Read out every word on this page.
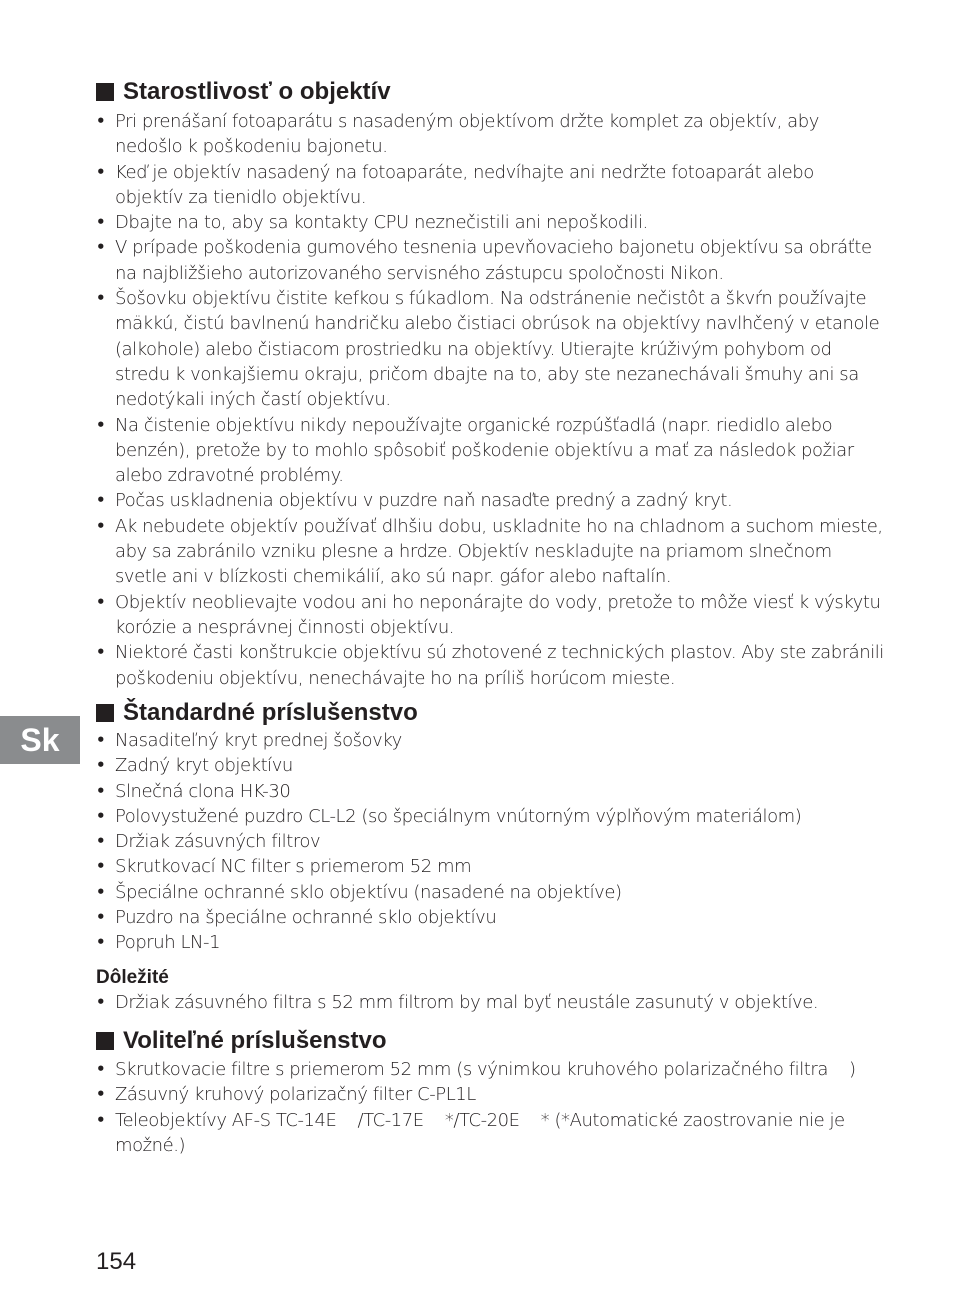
Starostlivosť o objektív
• Pri prenášaní fotoaparátu s nasadeným objektívom držte komplet za objektív, aby nedošlo k poškodeniu bajonetu.
• Keď je objektív nasadený na fotoaparáte, nedvíhajte ani nedržte fotoaparát alebo objektív za tienidlo objektívu.
• Dbajte na to, aby sa kontakty CPU neznečistili ani nepoškodili.
• V prípade poškodenia gumového tesnenia upevňovacieho bajonetu objektívu sa obráťte na najbližšieho autorizovaného servisného zástupcu spoločnosti Nikon.
• Šošovku objektívu čistite kefkou s fúkadlom. Na odstránenie nečistôt a škvŕn používajte mäkkú, čistú bavlnenú handričku alebo čistiaci obrúsok na objektívy navlhčený v etanole (alkohole) alebo čistiacom prostriedku na objektívy. Utierajte krúživým pohybom od stredu k vonkajšiemu okraju, pričom dbajte na to, aby ste nezanechávali šmuhy ani sa nedotýkali iných častí objektívu.
• Na čistenie objektívu nikdy nepoužívajte organické rozpúšťadlá (napr. riedidlo alebo benzén), pretože by to mohlo spôsobiť poškodenie objektívu a mať za následok požiar alebo zdravotné problémy.
• Počas uskladnenia objektívu v puzdre naň nasaďte predný a zadný kryt.
• Ak nebudete objektív používať dlhšiu dobu, uskladnite ho na chladnom a suchom mieste, aby sa zabránilo vzniku plesne a hrdze. Objektív neskladujte na priamom slnečnom svetle ani v blízkosti chemikálií, ako sú napr. gáfor alebo naftalín.
• Objektív neoblievajte vodou ani ho neponárajte do vody, pretože to môže viesť k výskytu korózie a nesprávnej činnosti objektívu.
• Niektoré časti konštrukcie objektívu sú zhotovené z technických plastov. Aby ste zabránili poškodeniu objektívu, nenechávajte ho na príliš horúcom mieste.
Štandardné príslušenstvo
• Nasaditeľný kryt prednej šošovky
• Zadný kryt objektívu
• Slnečná clona HK-30
• Polovystužené puzdro CL-L2 (so špeciálnym vnútorným výplňovým materiálom)
• Držiak zásuvných filtrov
• Skrutkovací NC filter s priemerom 52 mm
• Špeciálne ochranné sklo objektívu (nasadené na objektíve)
• Puzdro na špeciálne ochranné sklo objektívu
• Popruh LN-1
Dôležité
• Držiak zásuvného filtra s 52 mm filtrom by mal byť neustále zasunutý v objektíve.
Voliteľné príslušenstvo
• Skrutkovacie filtre s priemerom 52 mm (s výnimkou kruhového polarizačného filtra    )
• Zásuvný kruhový polarizačný filter C-PL1L
• Teleobjektívy AF-S TC-14E    /TC-17E    */TC-20E    * (*Automatické zaostrovanie nie je možné.)
Sk
154
